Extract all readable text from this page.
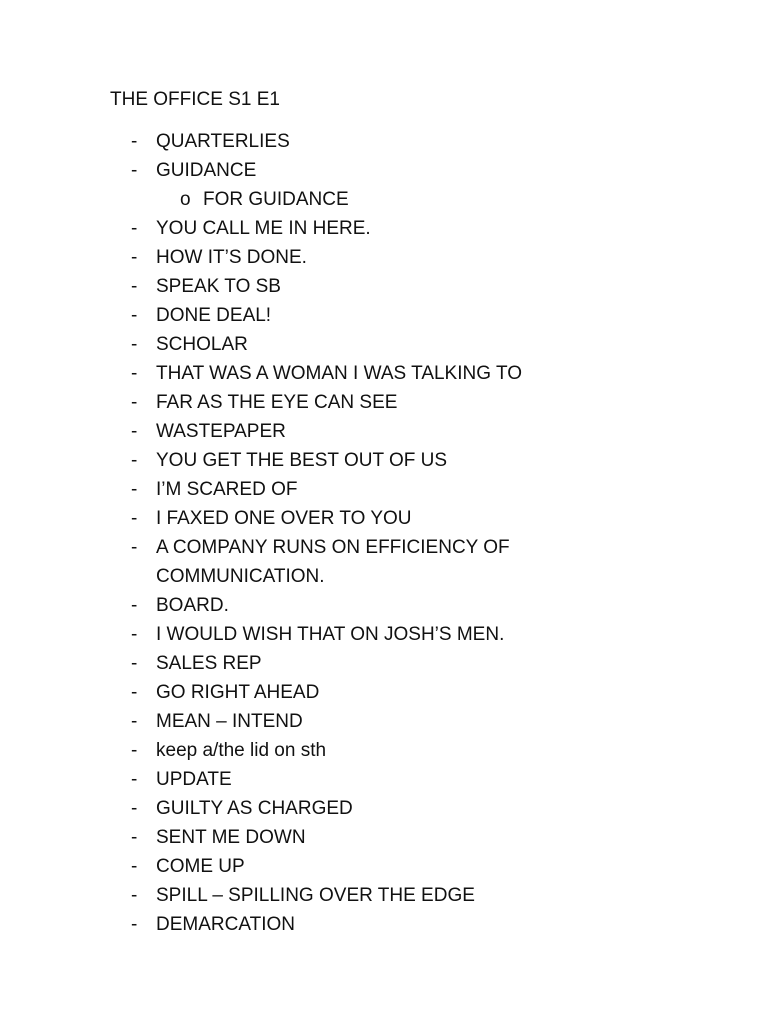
THE OFFICE S1 E1
- QUARTERLIES
- GUIDANCE
o FOR GUIDANCE
- YOU CALL ME IN HERE.
- HOW IT’S DONE.
- SPEAK TO SB
- DONE DEAL!
- SCHOLAR
- THAT WAS A WOMAN I WAS TALKING TO
- FAR AS THE EYE CAN SEE
- WASTEPAPER
- YOU GET THE BEST OUT OF US
- I’M SCARED OF
- I FAXED ONE OVER TO YOU
- A COMPANY RUNS ON EFFICIENCY OF COMMUNICATION.
- BOARD.
- I WOULD WISH THAT ON JOSH’S MEN.
- SALES REP
- GO RIGHT AHEAD
- MEAN – INTEND
- keep a/the lid on sth
- UPDATE
- GUILTY AS CHARGED
- SENT ME DOWN
- COME UP
- SPILL – SPILLING OVER THE EDGE
- DEMARCATION
